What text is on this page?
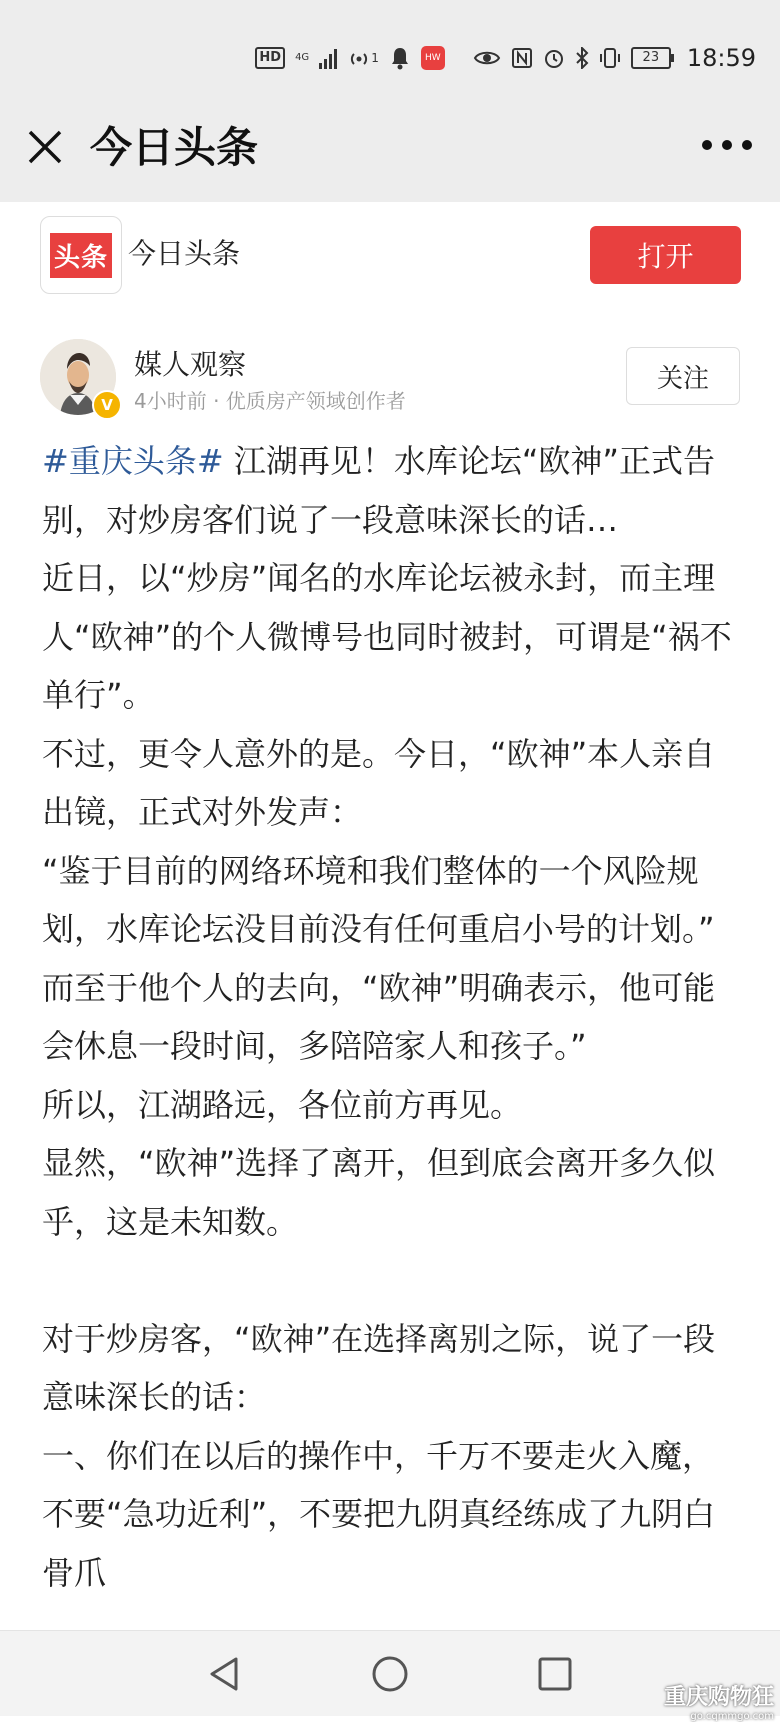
HD	4G	1	HW	23	18:59
今日头条
头条 今日头条	打开
V
媒人观察
4小时前 · 优质房产领域创作者
关注

#重庆头条# 江湖再见！水库论坛“欧神”正式告别，对炒房客们说了一段意味深长的话…

近日，以“炒房”闻名的水库论坛被永封，而主理人“欧神”的个人微博号也同时被封，可谓是“祸不单行”。

不过，更令人意外的是。今日，“欧神”本人亲自出镜，正式对外发声：

“鉴于目前的网络环境和我们整体的一个风险规划，水库论坛没目前没有任何重启小号的计划。”

而至于他个人的去向，“欧神”明确表示，他可能会休息一段时间，多陪陪家人和孩子。”

所以，江湖路远，各位前方再见。

显然，“欧神”选择了离开，但到底会离开多久似乎，这是未知数。

对于炒房客，“欧神”在选择离别之际，说了一段意味深长的话：

一、你们在以后的操作中，千万不要走火入魔，不要“急功近利”，不要把九阴真经练成了九阴白骨爪

重庆购物狂
go.cqmmgo.com
